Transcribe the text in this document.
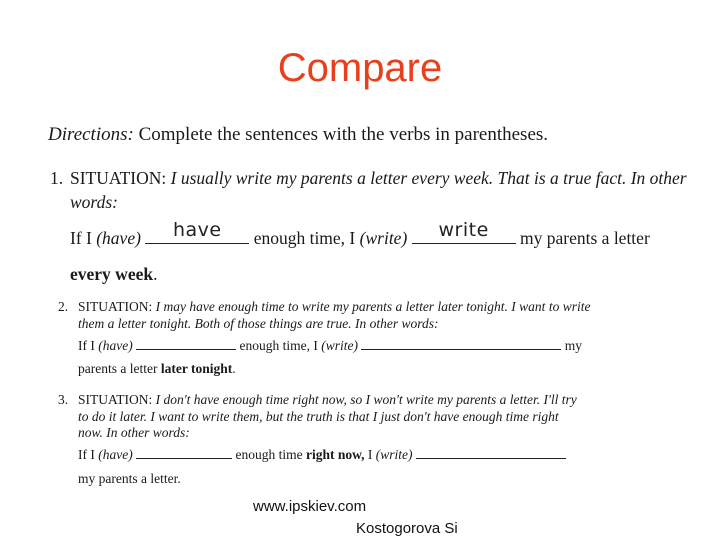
Compare
Directions: Complete the sentences with the verbs in parentheses.
1. SITUATION: I usually write my parents a letter every week. That is a true fact. In other
words:
If I (have) have enough time, I (write) write my parents a letter
every week.
2. SITUATION: I may have enough time to write my parents a letter later tonight. I want to write
them a letter tonight. Both of those things are true. In other words:
If I (have)	enough time, I (write)	my
parents a letter later tonight.
3. SITUATION: I don't have enough time right now, so I won't write my parents a letter. I'll try
to do it later. I want to write them, but the truth is that I just don't have enough time right
now. In other words:
If I (have)	enough time right now, I (write)
my parents a letter.
www.ipskiev.com
Kostogorova Si
